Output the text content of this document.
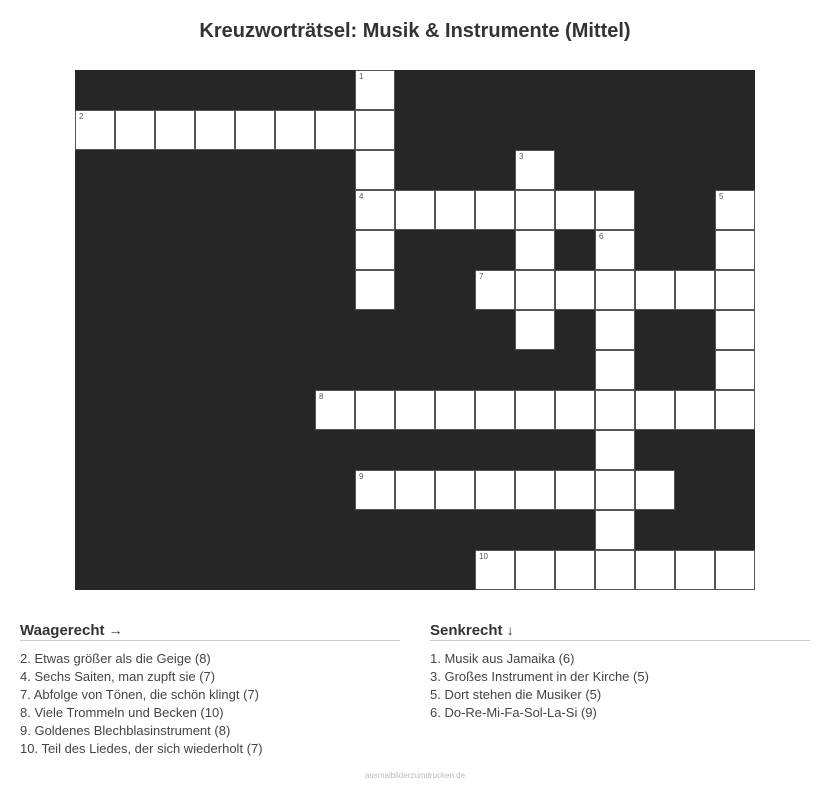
Kreuzworträtsel: Musik & Instrumente (Mittel)
1
2
3
4	5
6
7
8
9
10
Waagerecht →
2. Etwas größer als die Geige (8)
4. Sechs Saiten, man zupft sie (7)
7. Abfolge von Tönen, die schön klingt (7)
8. Viele Trommeln und Becken (10)
9. Goldenes Blechblasinstrument (8)
10. Teil des Liedes, der sich wiederholt (7)
Senkrecht ↓
1. Musik aus Jamaika (6)
3. Großes Instrument in der Kirche (5)
5. Dort stehen die Musiker (5)
6. Do-Re-Mi-Fa-Sol-La-Si (9)
ausmalbilderzumdrucken.de
